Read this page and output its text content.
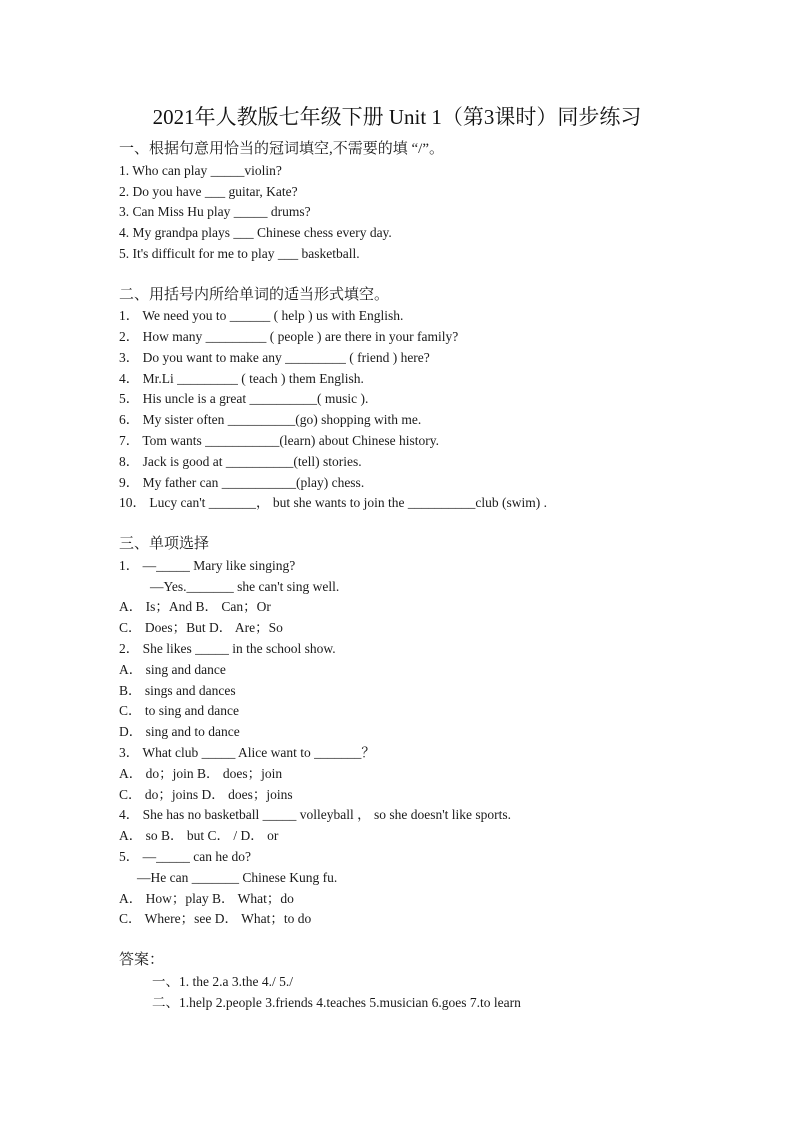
2021年人教版七年级下册 Unit 1（第3课时）同步练习
一、根据句意用恰当的冠词填空,不需要的填 “/”。
1. Who can play _____violin?
2. Do you have ___ guitar, Kate?
3. Can Miss Hu play _____ drums?
4. My grandpa plays ___ Chinese chess every day.
5. It's difficult for me to play ___ basketball.
二、用括号内所给单词的适当形式填空。
1． We need you to ______ ( help ) us with English.
2． How many _________ ( people ) are there in your family?
3． Do you want to make any _________ ( friend ) here?
4． Mr.Li _________ ( teach ) them English.
5． His uncle is a great __________( music ).
6． My sister often __________(go) shopping with me.
7． Tom wants ___________(learn) about Chinese history.
8． Jack is good at __________(tell) stories.
9． My father can ___________(play) chess.
10． Lucy can't _______， but she wants to join the __________club (swim) .
三、单项选择
1． —_____ Mary like singing?
—Yes._______ she can't sing well.
A． Is；And B． Can；Or
C． Does；But D． Are；So
2． She likes _____ in the school show.
A． sing and dance
B． sings and dances
C． to sing and dance
D． sing and to dance
3． What club _____ Alice want to _______？
A． do；join B． does；join
C． do；joins D． does；joins
4． She has no basketball _____ volleyball ， so she doesn't like sports.
A． so B． but C． / D． or
5． —_____ can he do?
—He can _______ Chinese Kung fu.
A． How；play B． What；do
C． Where；see D． What；to do
答案：
一、1. the 2.a 3.the 4./ 5./
二、1.help 2.people 3.friends 4.teaches 5.musician 6.goes 7.to learn
